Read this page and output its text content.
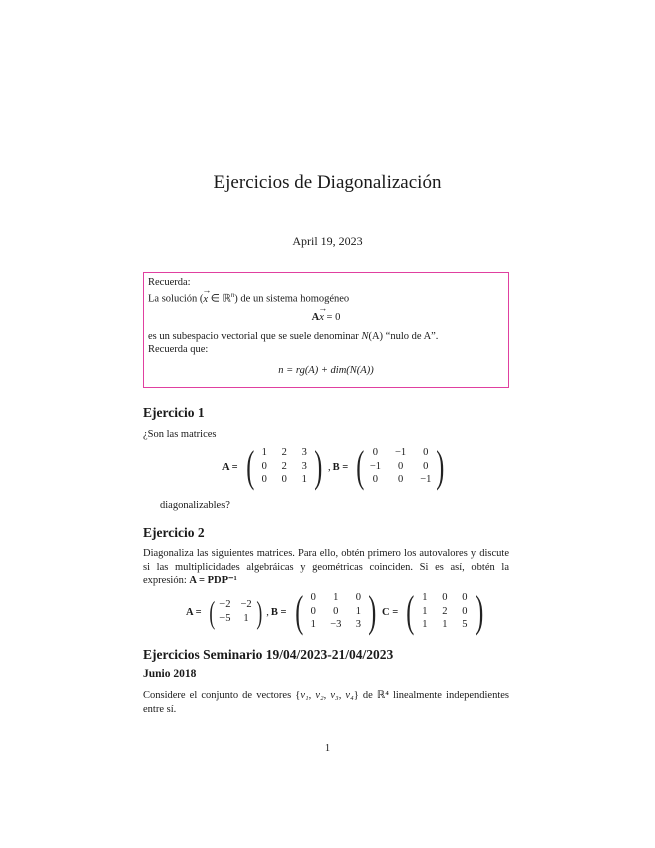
Ejercicios de Diagonalización
April 19, 2023
Recuerda:
La solución (→ x ∈ ℝ$^n$) de un sistema homogéneo
A→ x = 0
es un subespacio vectorial que se suele denominar N(A) “nulo de A”.
Recuerda que:
n = rg(A) + dim(N(A))
Ejercicio 1
¿Son las matrices
A = ( 1 2 3
0 2 3
0 0 1 ) , B = ( 0 −1 0
−1 0 0
0 0 −1 )
diagonalizables?
Ejercicio 2
Diagonaliza las siguientes matrices. Para ello, obtén primero los autovalores y discute si las multiplicidades algebráicas y geométricas coinciden. Si es así, obtén la expresión: A = PDP⁻¹
A = ( −2 −2
−5 1 ) , B = ( 0 1 0
0 0 1
1 −3 3 ) C = ( 1 0 0
1 2 0
1 1 5 )
Ejercicios Seminario 19/04/2023-21/04/2023
Junio 2018
Considere el conjunto de vectores {v₁, v₂, v₃, v₄} de ℝ⁴ linealmente independientes entre sí.
1
